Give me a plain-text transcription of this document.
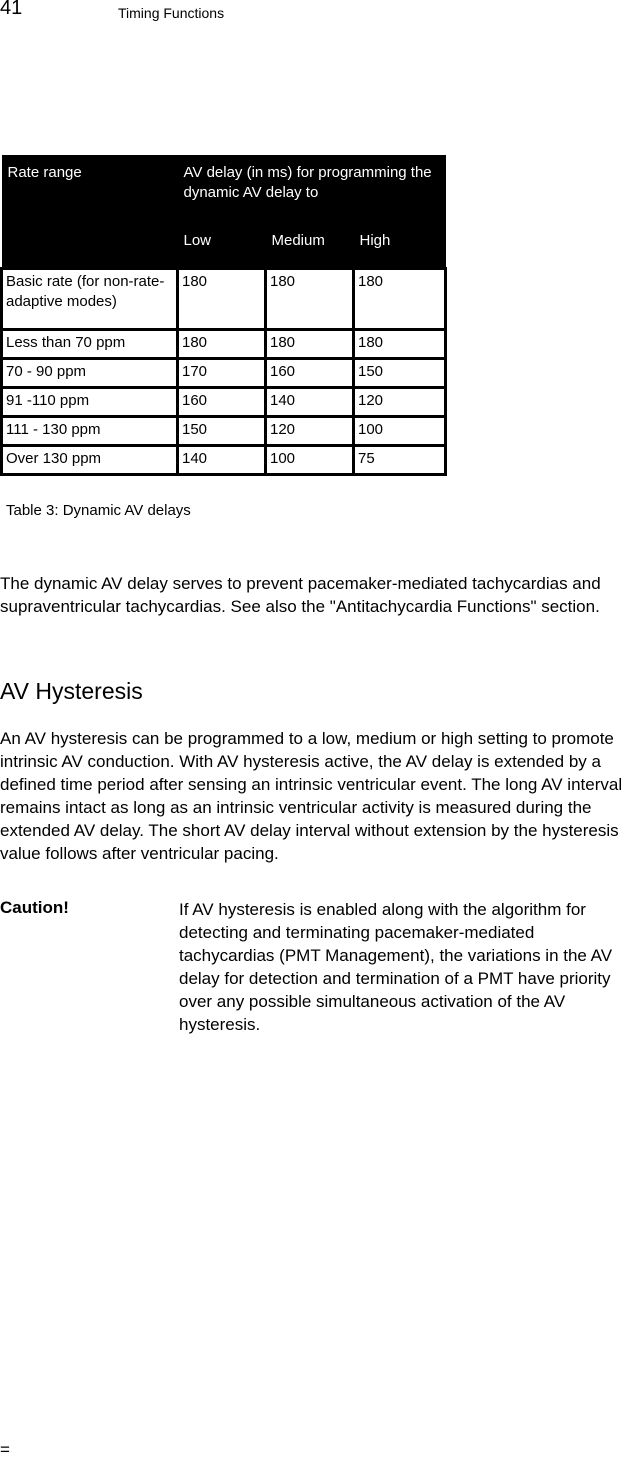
41	Timing Functions
Rate range	AV delay (in ms) for programming the dynamic AV delay to		
	Low	Medium	High
Basic rate (for non-rate-adaptive modes)	180	180	180
Less than 70 ppm	180	180	180
70 - 90 ppm	170	160	150
91 -110 ppm	160	140	120
111 - 130 ppm	150	120	100
Over 130 ppm	140	100	75
Table 3: Dynamic AV delays

The dynamic AV delay serves to prevent pacemaker-mediated tachycardias and supraventricular tachycardias. See also the "Antitachycardia Functions" section.

AV Hysteresis

An AV hysteresis can be programmed to a low, medium or high setting to promote intrinsic AV conduction. With AV hysteresis active, the AV delay is extended by a defined time period after sensing an intrinsic ventricular event. The long AV interval remains intact as long as an intrinsic ventricular activity is measured during the extended AV delay. The short AV delay interval without extension by the hysteresis value follows after ventricular pacing.

Caution!	If AV hysteresis is enabled along with the algorithm for detecting and terminating pacemaker-mediated tachycardias (PMT Management), the variations in the AV delay for detection and termination of a PMT have priority over any possible simultaneous activation of the AV hysteresis.

=
